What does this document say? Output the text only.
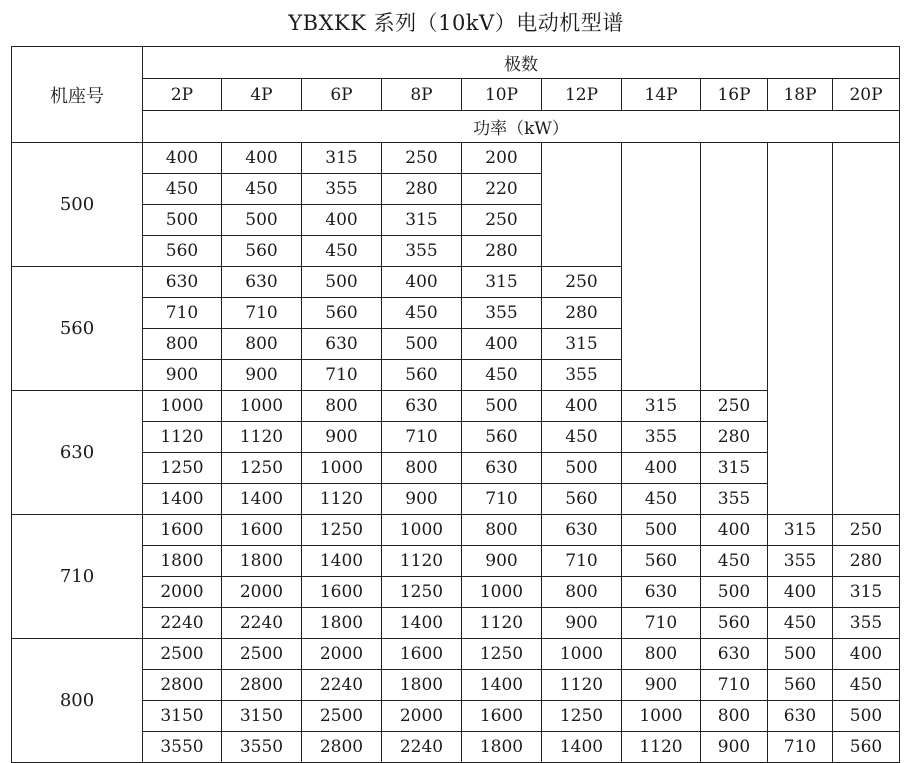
YBXKK 系列（10kV）电动机型谱
机座号	极数									
	2P	4P	6P	8P	10P	12P	14P	16P	18P	20P
	功率（kW）									
500	400	400	315	250	200					
	450	450	355	280	220					
	500	500	400	315	250					
	560	560	450	355	280					
560	630	630	500	400	315	250				
	710	710	560	450	355	280				
	800	800	630	500	400	315				
	900	900	710	560	450	355				
630	1000	1000	800	630	500	400	315	250		
	1120	1120	900	710	560	450	355	280		
	1250	1250	1000	800	630	500	400	315		
	1400	1400	1120	900	710	560	450	355		
710	1600	1600	1250	1000	800	630	500	400	315	250
	1800	1800	1400	1120	900	710	560	450	355	280
	2000	2000	1600	1250	1000	800	630	500	400	315
	2240	2240	1800	1400	1120	900	710	560	450	355
800	2500	2500	2000	1600	1250	1000	800	630	500	400
	2800	2800	2240	1800	1400	1120	900	710	560	450
	3150	3150	2500	2000	1600	1250	1000	800	630	500
	3550	3550	2800	2240	1800	1400	1120	900	710	560
